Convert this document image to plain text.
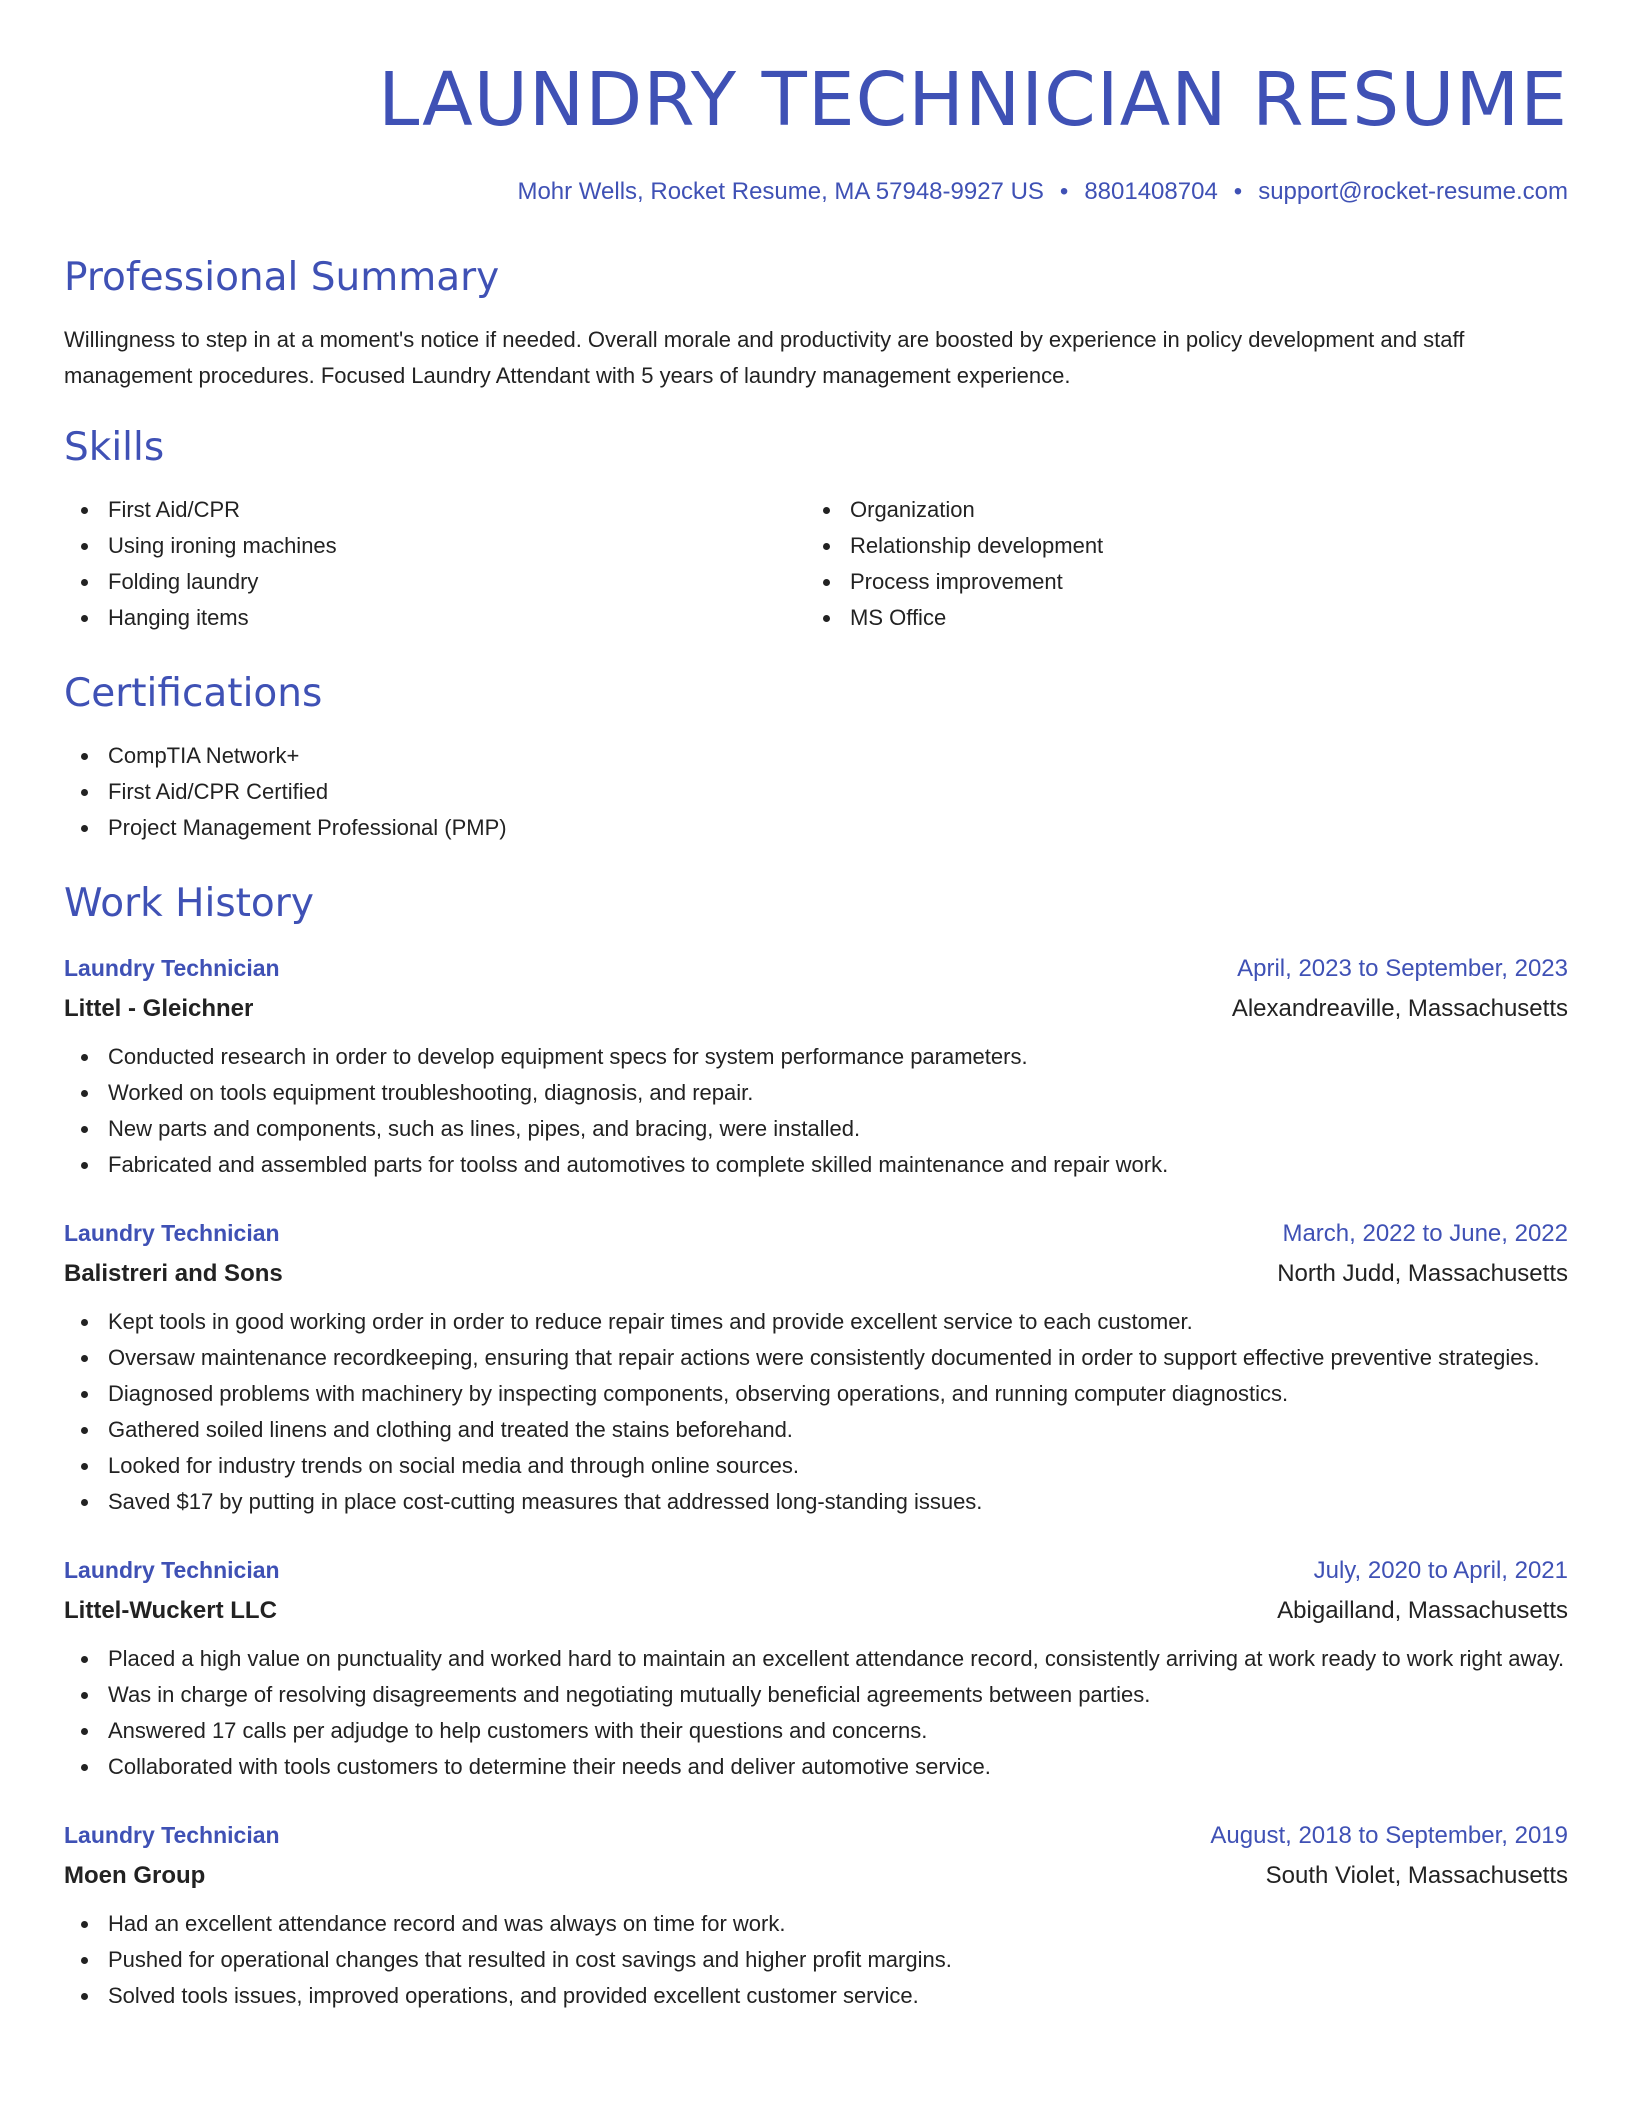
LAUNDRY TECHNICIAN RESUME
Mohr Wells, Rocket Resume, MA 57948-9927 US • 8801408704 • support@rocket-resume.com
Professional Summary

Willingness to step in at a moment's notice if needed. Overall morale and productivity are boosted by experience in policy development and staff management procedures. Focused Laundry Attendant with 5 years of laundry management experience.

Skills
First Aid/CPR
Using ironing machines
Folding laundry
Hanging items
Organization
Relationship development
Process improvement
MS Office
Certifications
CompTIA Network+
First Aid/CPR Certified
Project Management Professional (PMP)
Work History
Laundry Technician	April, 2023 to September, 2023
Littel - Gleichner	Alexandreaville, Massachusetts
Conducted research in order to develop equipment specs for system performance parameters.
Worked on tools equipment troubleshooting, diagnosis, and repair.
New parts and components, such as lines, pipes, and bracing, were installed.
Fabricated and assembled parts for toolss and automotives to complete skilled maintenance and repair work.
Laundry Technician	March, 2022 to June, 2022
Balistreri and Sons	North Judd, Massachusetts
Kept tools in good working order in order to reduce repair times and provide excellent service to each customer.
Oversaw maintenance recordkeeping, ensuring that repair actions were consistently documented in order to support effective preventive strategies.
Diagnosed problems with machinery by inspecting components, observing operations, and running computer diagnostics.
Gathered soiled linens and clothing and treated the stains beforehand.
Looked for industry trends on social media and through online sources.
Saved $17 by putting in place cost-cutting measures that addressed long-standing issues.
Laundry Technician	July, 2020 to April, 2021
Littel-Wuckert LLC	Abigailland, Massachusetts
Placed a high value on punctuality and worked hard to maintain an excellent attendance record, consistently arriving at work ready to work right away.
Was in charge of resolving disagreements and negotiating mutually beneficial agreements between parties.
Answered 17 calls per adjudge to help customers with their questions and concerns.
Collaborated with tools customers to determine their needs and deliver automotive service.
Laundry Technician	August, 2018 to September, 2019
Moen Group	South Violet, Massachusetts
Had an excellent attendance record and was always on time for work.
Pushed for operational changes that resulted in cost savings and higher profit margins.
Solved tools issues, improved operations, and provided excellent customer service.
